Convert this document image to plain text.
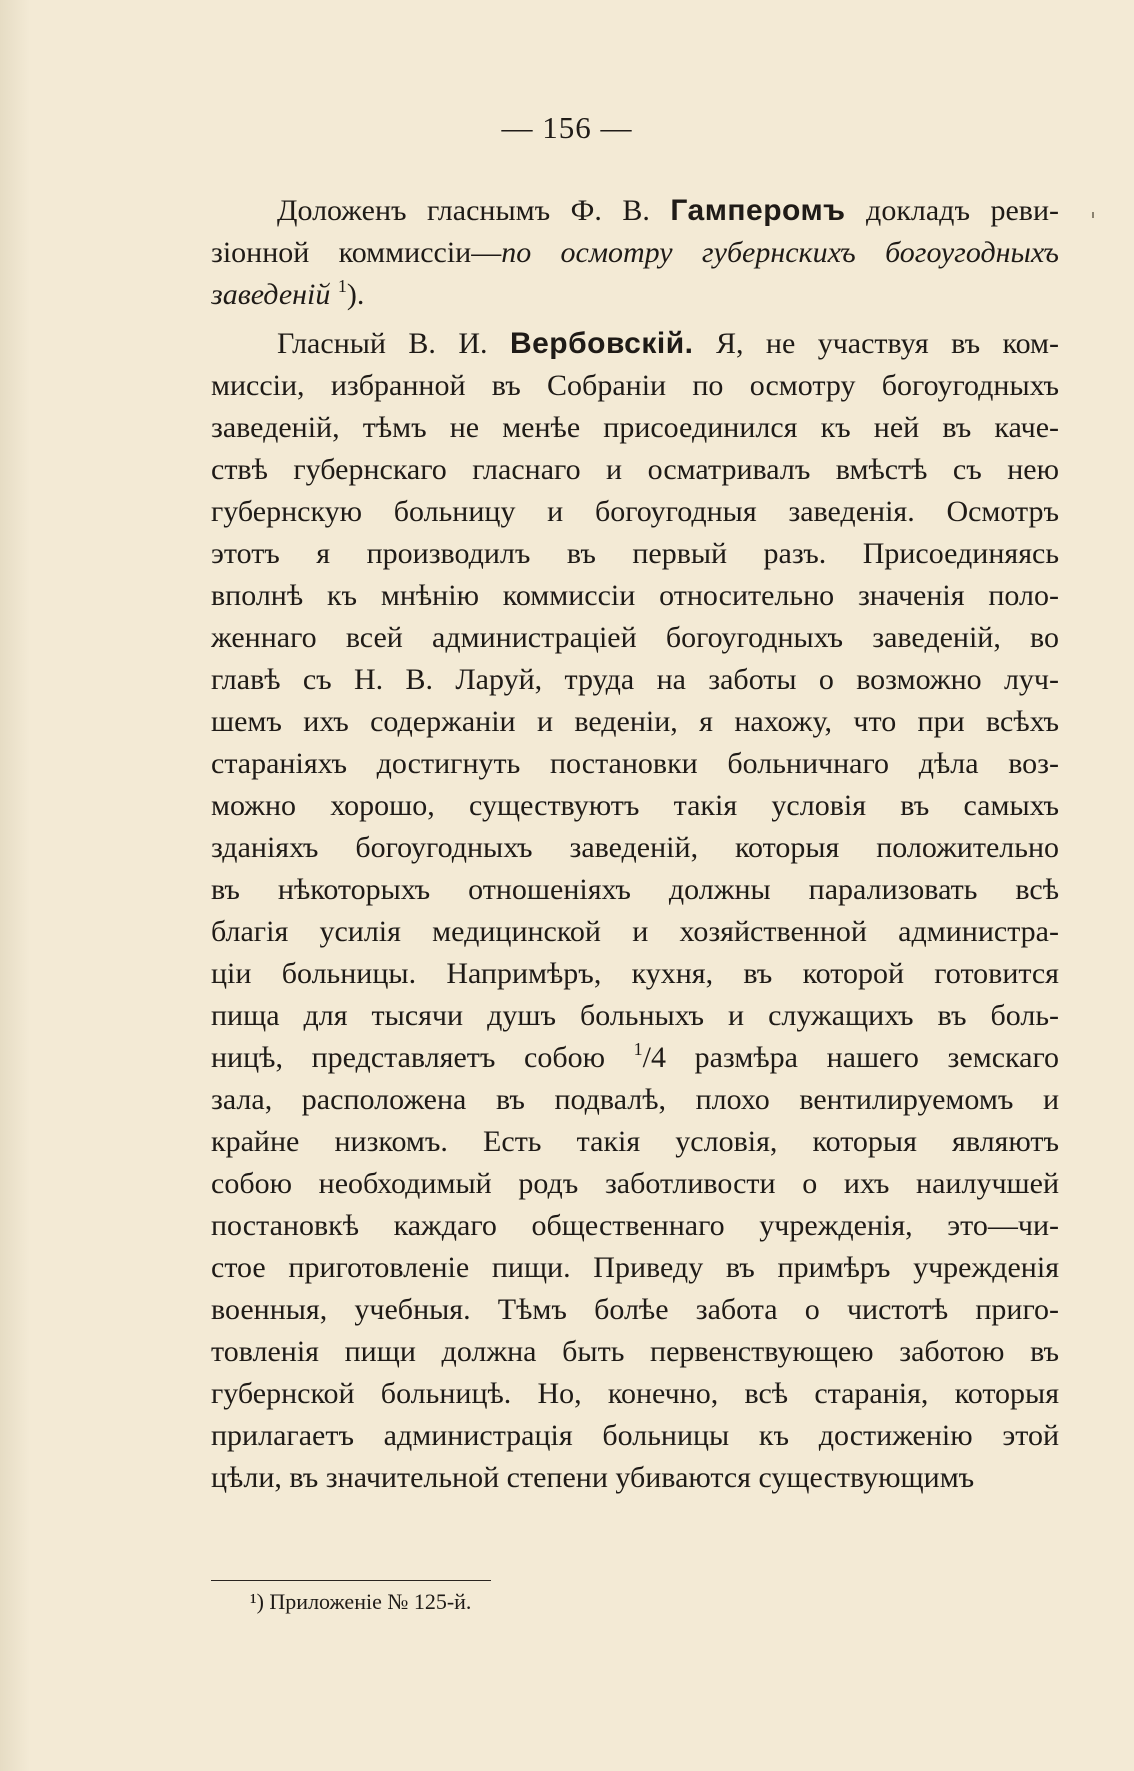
— 156 —

Доложенъ гласнымъ Ф. В. Гамперомъ докладъ реви-

зіонной коммиссіи—по осмотру губернскихъ богоугодныхъ

заведеній $^1$).

Гласный В. И. Вербовскій. Я, не участвуя въ ком-

миссіи, избранной въ Собраніи по осмотру богоугодныхъ

заведеній, тѣмъ не менѣе присоединился къ ней въ каче-

ствѣ губернскаго гласнаго и осматривалъ вмѣстѣ съ нею

губернскую больницу и богоугодныя заведенія. Осмотръ

этотъ я производилъ въ первый разъ. Присоединяясь

вполнѣ къ мнѣнію коммиссіи относительно значенія поло-

женнаго всей администраціей богоугодныхъ заведеній, во

главѣ съ Н. В. Ларуй, труда на заботы о возможно луч-

шемъ ихъ содержаніи и веденіи, я нахожу, что при всѣхъ

стараніяхъ достигнуть постановки больничнаго дѣла воз-

можно хорошо, существуютъ такія условія въ самыхъ

зданіяхъ богоугодныхъ заведеній, которыя положительно

въ нѣкоторыхъ отношеніяхъ должны парализовать всѣ

благія усилія медицинской и хозяйственной администра-

ціи больницы. Напримѣръ, кухня, въ которой готовится

пища для тысячи душъ больныхъ и служащихъ въ боль-

ницѣ, представляетъ собою $^1$/4 размѣра нашего земскаго

зала, расположена въ подвалѣ, плохо вентилируемомъ и

крайне низкомъ. Есть такія условія, которыя являютъ

собою необходимый родъ заботливости о ихъ наилучшей

постановкѣ каждаго общественнаго учрежденія, это—чи-

стое приготовленіе пищи. Приведу въ примѣръ учрежденія

военныя, учебныя. Тѣмъ болѣе забота о чистотѣ приго-

товленія пищи должна быть первенствующею заботою въ

губернской больницѣ. Но, конечно, всѣ старанія, которыя

прилагаетъ администрація больницы къ достиженію этой

цѣли, въ значительной степени убиваются существующимъ

¹) Приложеніе № 125-й.
